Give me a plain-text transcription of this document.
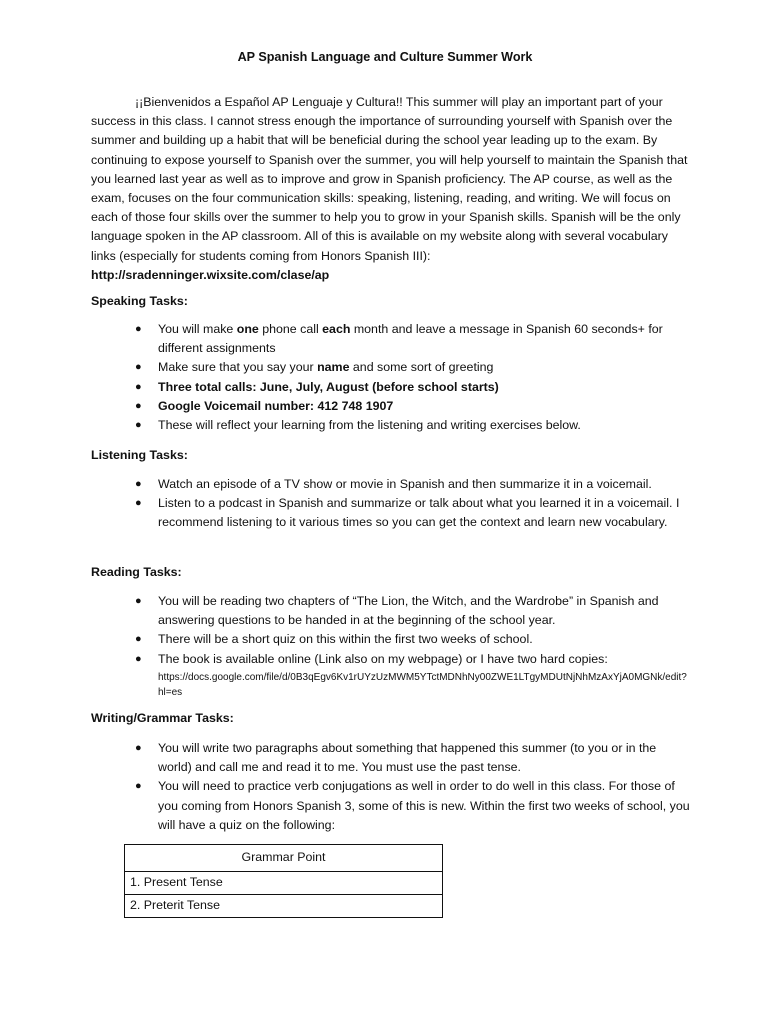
AP Spanish Language and Culture Summer Work

¡¡Bienvenidos a Español AP Lenguaje y Cultura!! This summer will play an important part of your success in this class. I cannot stress enough the importance of surrounding yourself with Spanish over the summer and building up a habit that will be beneficial during the school year leading up to the exam. By continuing to expose yourself to Spanish over the summer, you will help yourself to maintain the Spanish that you learned last year as well as to improve and grow in Spanish proficiency. The AP course, as well as the exam, focuses on the four communication skills: speaking, listening, reading, and writing. We will focus on each of those four skills over the summer to help you to grow in your Spanish skills. Spanish will be the only language spoken in the AP classroom. All of this is available on my website along with several vocabulary links (especially for students coming from Honors Spanish III):
http://sradenninger.wixsite.com/clase/ap

Speaking Tasks:

● You will make one phone call each month and leave a message in Spanish 60 seconds+ for different assignments
● Make sure that you say your name and some sort of greeting
● Three total calls: June, July, August (before school starts)
● Google Voicemail number: 412 748 1907
● These will reflect your learning from the listening and writing exercises below.

Listening Tasks:

● Watch an episode of a TV show or movie in Spanish and then summarize it in a voicemail.
● Listen to a podcast in Spanish and summarize or talk about what you learned it in a voicemail. I recommend listening to it various times so you can get the context and learn new vocabulary.

Reading Tasks:

● You will be reading two chapters of “The Lion, the Witch, and the Wardrobe” in Spanish and answering questions to be handed in at the beginning of the school year.
● There will be a short quiz on this within the first two weeks of school.
● The book is available online (Link also on my webpage) or I have two hard copies:
https://docs.google.com/file/d/0B3qEgv6Kv1rUYzUzMWM5YTctMDNhNy00ZWE1LTgyMDUtNjNhMzAxYjA0MGNk/edit?hl=es

Writing/Grammar Tasks:

● You will write two paragraphs about something that happened this summer (to you or in the world) and call me and read it to me. You must use the past tense.
● You will need to practice verb conjugations as well in order to do well in this class. For those of you coming from Honors Spanish 3, some of this is new. Within the first two weeks of school, you will have a quiz on the following:
Grammar Point
1. Present Tense
2. Preterit Tense
